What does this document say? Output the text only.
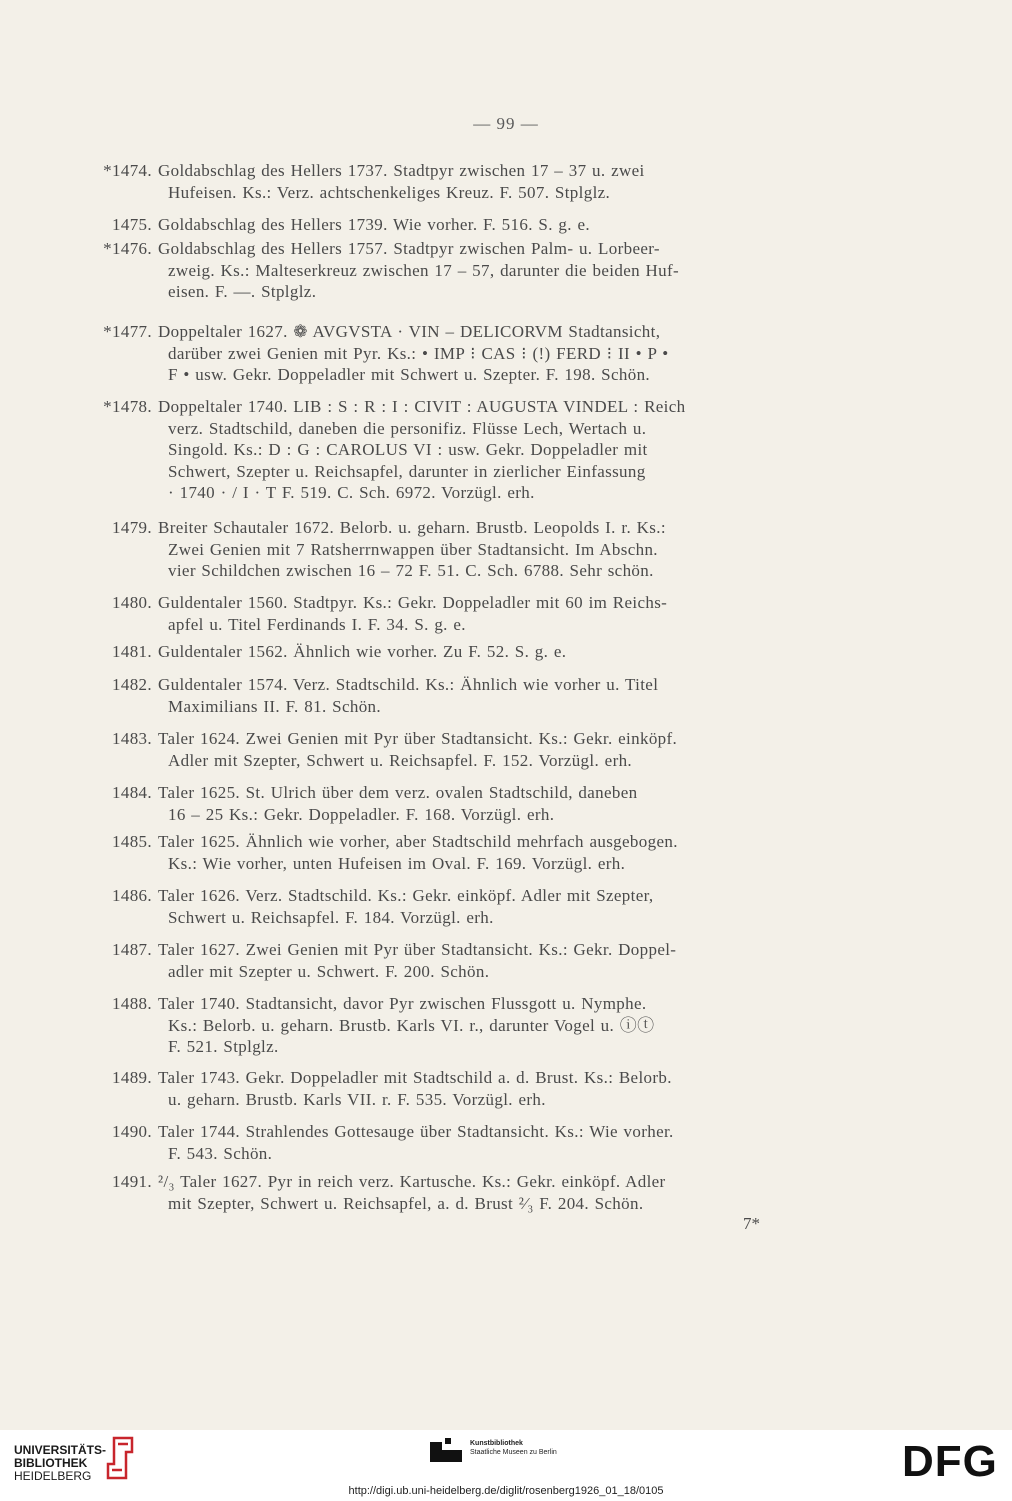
— 99 —
*1474. Goldabschlag des Hellers 1737. Stadtpyr zwischen 17 – 37 u. zwei
Hufeisen. Ks.: Verz. achtschenkeliges Kreuz. F. 507. Stplglz.
1475. Goldabschlag des Hellers 1739. Wie vorher. F. 516. S. g. e.
*1476. Goldabschlag des Hellers 1757. Stadtpyr zwischen Palm- u. Lorbeer-
zweig. Ks.: Malteserkreuz zwischen 17 – 57, darunter die beiden Huf-
eisen. F. —. Stplglz.
*1477. Doppeltaler 1627. ❁ AVGVSTA · VIN – DELICORVM Stadtansicht,
darüber zwei Genien mit Pyr. Ks.: • IMP ⁝ CAS ⁝ (!) FERD ⁝ II • P •
F • usw. Gekr. Doppeladler mit Schwert u. Szepter. F. 198. Schön.
*1478. Doppeltaler 1740. LIB : S : R : I : CIVIT : AUGUSTA VINDEL : Reich
verz. Stadtschild, daneben die personifiz. Flüsse Lech, Wertach u.
Singold. Ks.: D : G : CAROLUS VI : usw. Gekr. Doppeladler mit
Schwert, Szepter u. Reichsapfel, darunter in zierlicher Einfassung
· 1740 · / I · T F. 519. C. Sch. 6972. Vorzügl. erh.
1479. Breiter Schautaler 1672. Belorb. u. geharn. Brustb. Leopolds I. r. Ks.:
Zwei Genien mit 7 Ratsherrnwappen über Stadtansicht. Im Abschn.
vier Schildchen zwischen 16 – 72 F. 51. C. Sch. 6788. Sehr schön.
1480. Guldentaler 1560. Stadtpyr. Ks.: Gekr. Doppeladler mit 60 im Reichs-
apfel u. Titel Ferdinands I. F. 34. S. g. e.
1481. Guldentaler 1562. Ähnlich wie vorher. Zu F. 52. S. g. e.
1482. Guldentaler 1574. Verz. Stadtschild. Ks.: Ähnlich wie vorher u. Titel
Maximilians II. F. 81. Schön.
1483. Taler 1624. Zwei Genien mit Pyr über Stadtansicht. Ks.: Gekr. einköpf.
Adler mit Szepter, Schwert u. Reichsapfel. F. 152. Vorzügl. erh.
1484. Taler 1625. St. Ulrich über dem verz. ovalen Stadtschild, daneben
16 – 25 Ks.: Gekr. Doppeladler. F. 168. Vorzügl. erh.
1485. Taler 1625. Ähnlich wie vorher, aber Stadtschild mehrfach ausgebogen.
Ks.: Wie vorher, unten Hufeisen im Oval. F. 169. Vorzügl. erh.
1486. Taler 1626. Verz. Stadtschild. Ks.: Gekr. einköpf. Adler mit Szepter,
Schwert u. Reichsapfel. F. 184. Vorzügl. erh.
1487. Taler 1627. Zwei Genien mit Pyr über Stadtansicht. Ks.: Gekr. Doppel-
adler mit Szepter u. Schwert. F. 200. Schön.
1488. Taler 1740. Stadtansicht, davor Pyr zwischen Flussgott u. Nymphe.
Ks.: Belorb. u. geharn. Brustb. Karls VI. r., darunter Vogel u. ⓘⓣ
F. 521. Stplglz.
1489. Taler 1743. Gekr. Doppeladler mit Stadtschild a. d. Brust. Ks.: Belorb.
u. geharn. Brustb. Karls VII. r. F. 535. Vorzügl. erh.
1490. Taler 1744. Strahlendes Gottesauge über Stadtansicht. Ks.: Wie vorher.
F. 543. Schön.
1491. ²/₃ Taler 1627. Pyr in reich verz. Kartusche. Ks.: Gekr. einköpf. Adler
mit Szepter, Schwert u. Reichsapfel, a. d. Brust ²⁄₃ F. 204. Schön.
7*
UNIVERSITÄTS-
BIBLIOTHEK
HEIDELBERG
Kunstbibliothek
Staatliche Museen zu Berlin	DFG
http://digi.ub.uni-heidelberg.de/diglit/rosenberg1926_01_18/0105
